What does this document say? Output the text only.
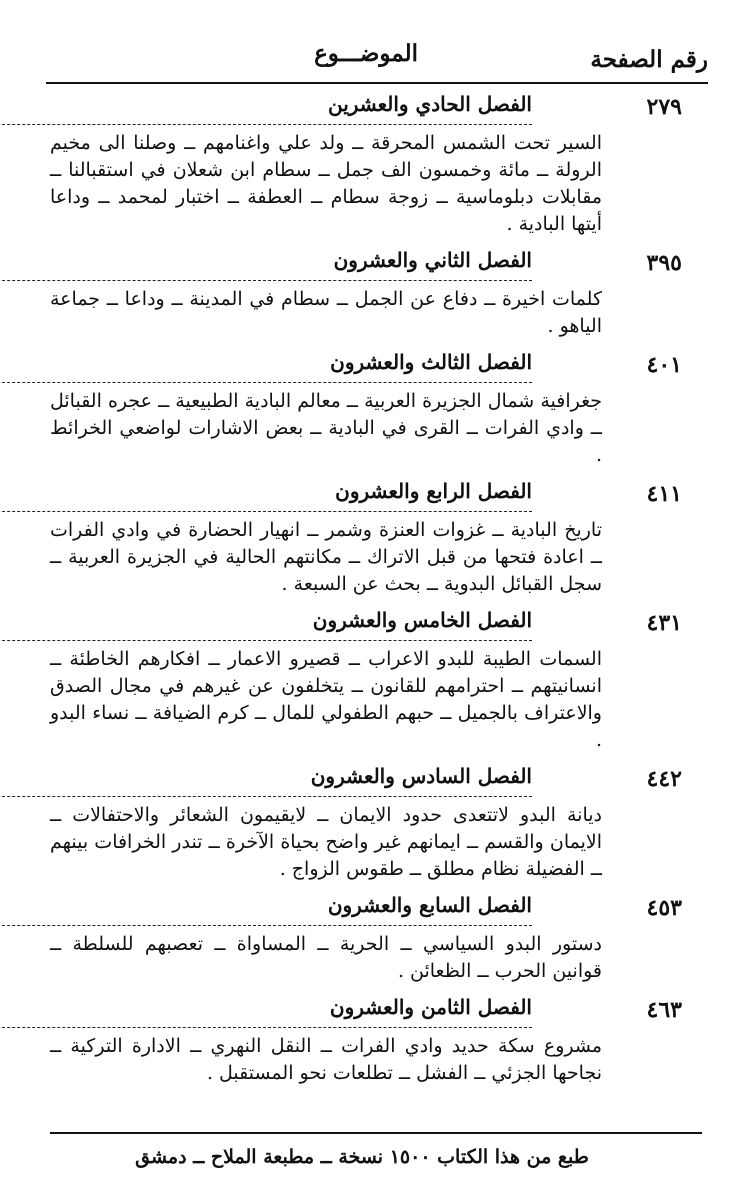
رقم الصفحة
الموضـــوع
٢٧٩
الفصل الحادي والعشرين

السير تحت الشمس المحرقة ــ ولد علي واغنامهم ــ وصلنا الى مخيم الرولة ــ مائة وخمسون الف جمل ــ سطام ابن شعلان في استقبالنا ــ مقابلات دبلوماسية ــ زوجة سطام ــ العطفة ــ اختبار لمحمد ــ وداعا أيتها البادية .

٣٩٥
الفصل الثاني والعشرون

كلمات اخيرة ــ دفاع عن الجمل ــ سطام في المدينة ــ وداعا ــ جماعة الياهو .

٤٠١
الفصل الثالث والعشرون

جغرافية شمال الجزيرة العربية ــ معالم البادية الطبيعية ــ عجره القبائل ــ وادي الفرات ــ القرى في البادية ــ بعض الاشارات لواضعي الخرائط .

٤١١
الفصل الرابع والعشرون

تاريخ البادية ــ غزوات العنزة وشمر ــ انهيار الحضارة في وادي الفرات ــ اعادة فتحها من قبل الاتراك ــ مكانتهم الحالية في الجزيرة العربية ــ سجل القبائل البدوية ــ بحث عن السبعة .

٤٣١
الفصل الخامس والعشرون

السمات الطيبة للبدو الاعراب ــ قصيرو الاعمار ــ افكارهم الخاطئة ــ انسانيتهم ــ احترامهم للقانون ــ يتخلفون عن غيرهم في مجال الصدق والاعتراف بالجميل ــ حبهم الطفولي للمال ــ كرم الضيافة ــ نساء البدو .

٤٤٢
الفصل السادس والعشرون

ديانة البدو لاتتعدى حدود الايمان ــ لايقيمون الشعائر والاحتفالات ــ الايمان والقسم ــ ايمانهم غير واضح بحياة الآخرة ــ تندر الخرافات بينهم ــ الفضيلة نظام مطلق ــ طقوس الزواج .

٤٥٣
الفصل السابع والعشرون

دستور البدو السياسي ــ الحرية ــ المساواة ــ تعصبهم للسلطة ــ قوانين الحرب ــ الظعائن .

٤٦٣
الفصل الثامن والعشرون

مشروع سكة حديد وادي الفرات ــ النقل النهري ــ الادارة التركية ــ نجاحها الجزئي ــ الفشل ــ تطلعات نحو المستقبل .

طبع من هذا الكتاب ١٥٠٠ نسخة ــ مطبعة الملاح ــ دمشق
